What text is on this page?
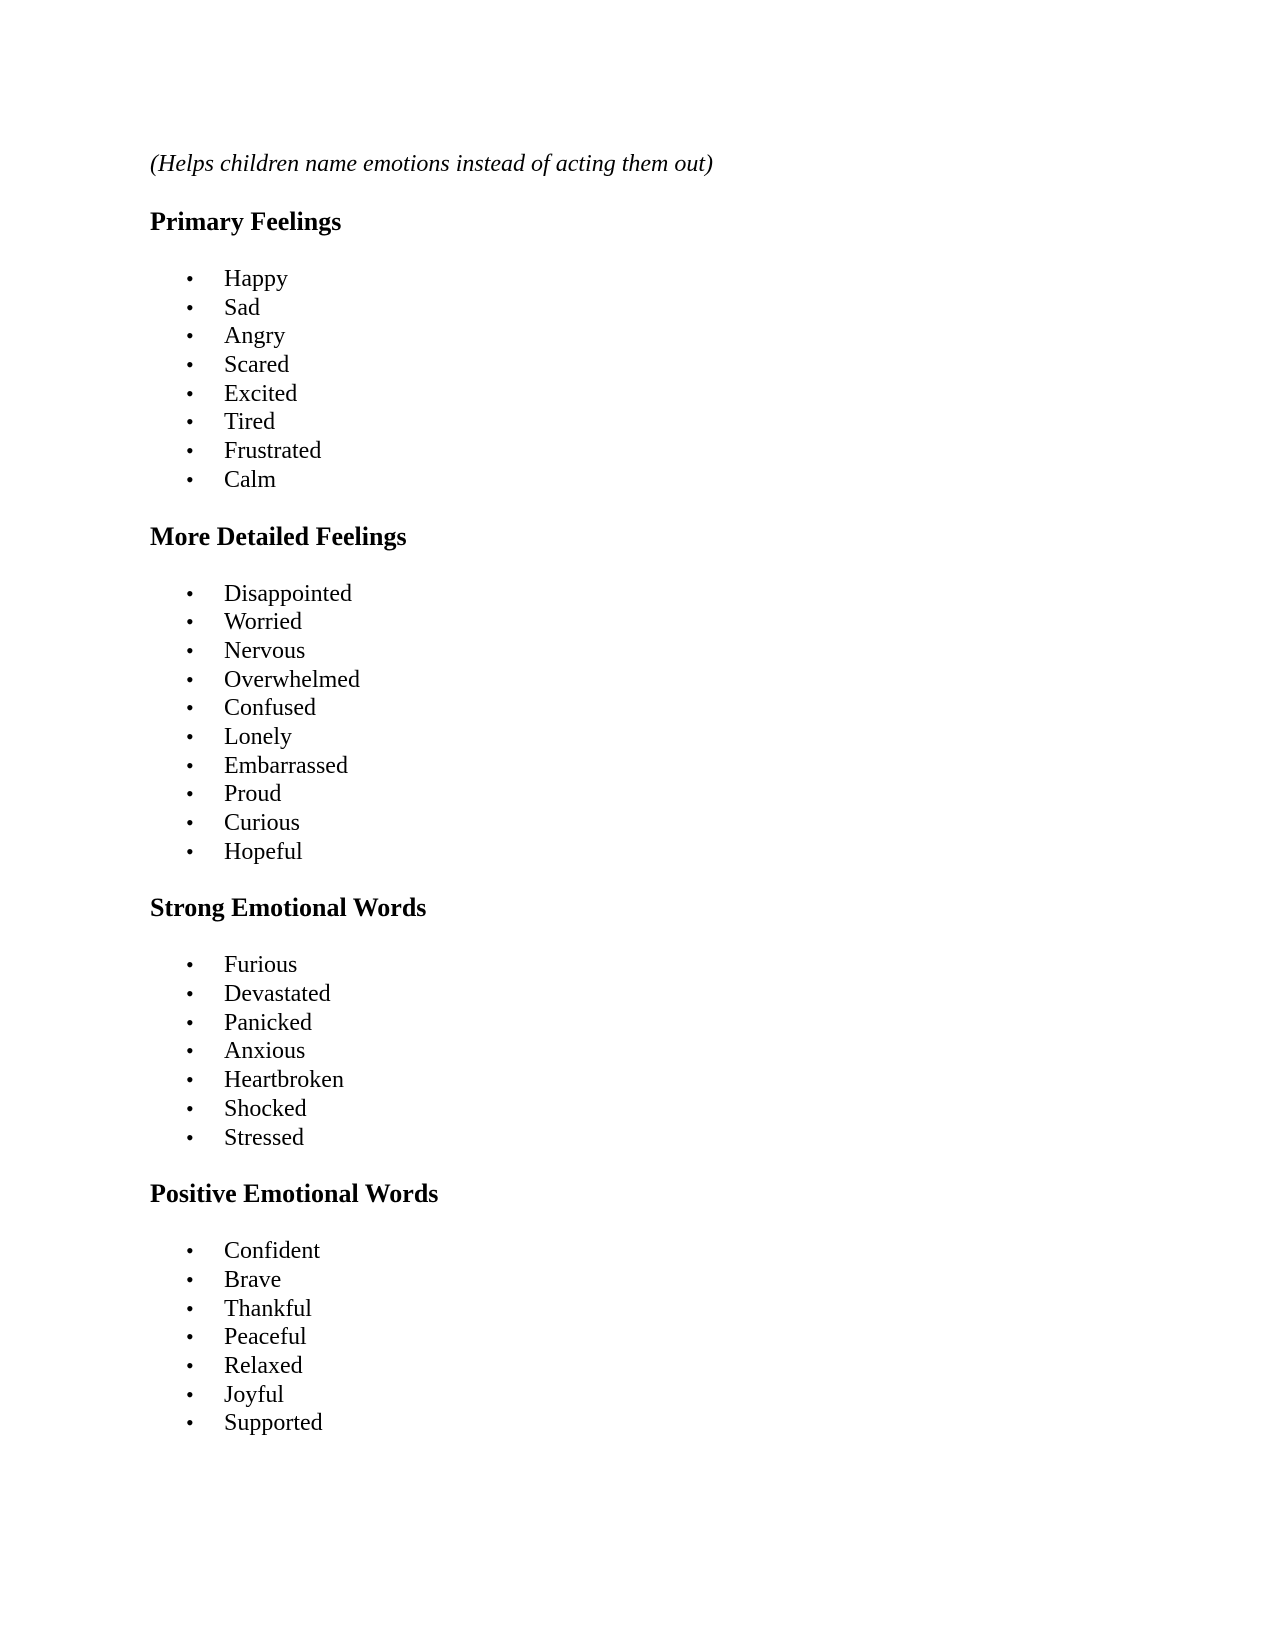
(Helps children name emotions instead of acting them out)

Primary Feelings
• Happy
• Sad
• Angry
• Scared
• Excited
• Tired
• Frustrated
• Calm
More Detailed Feelings
• Disappointed
• Worried
• Nervous
• Overwhelmed
• Confused
• Lonely
• Embarrassed
• Proud
• Curious
• Hopeful
Strong Emotional Words
• Furious
• Devastated
• Panicked
• Anxious
• Heartbroken
• Shocked
• Stressed
Positive Emotional Words
• Confident
• Brave
• Thankful
• Peaceful
• Relaxed
• Joyful
• Supported
